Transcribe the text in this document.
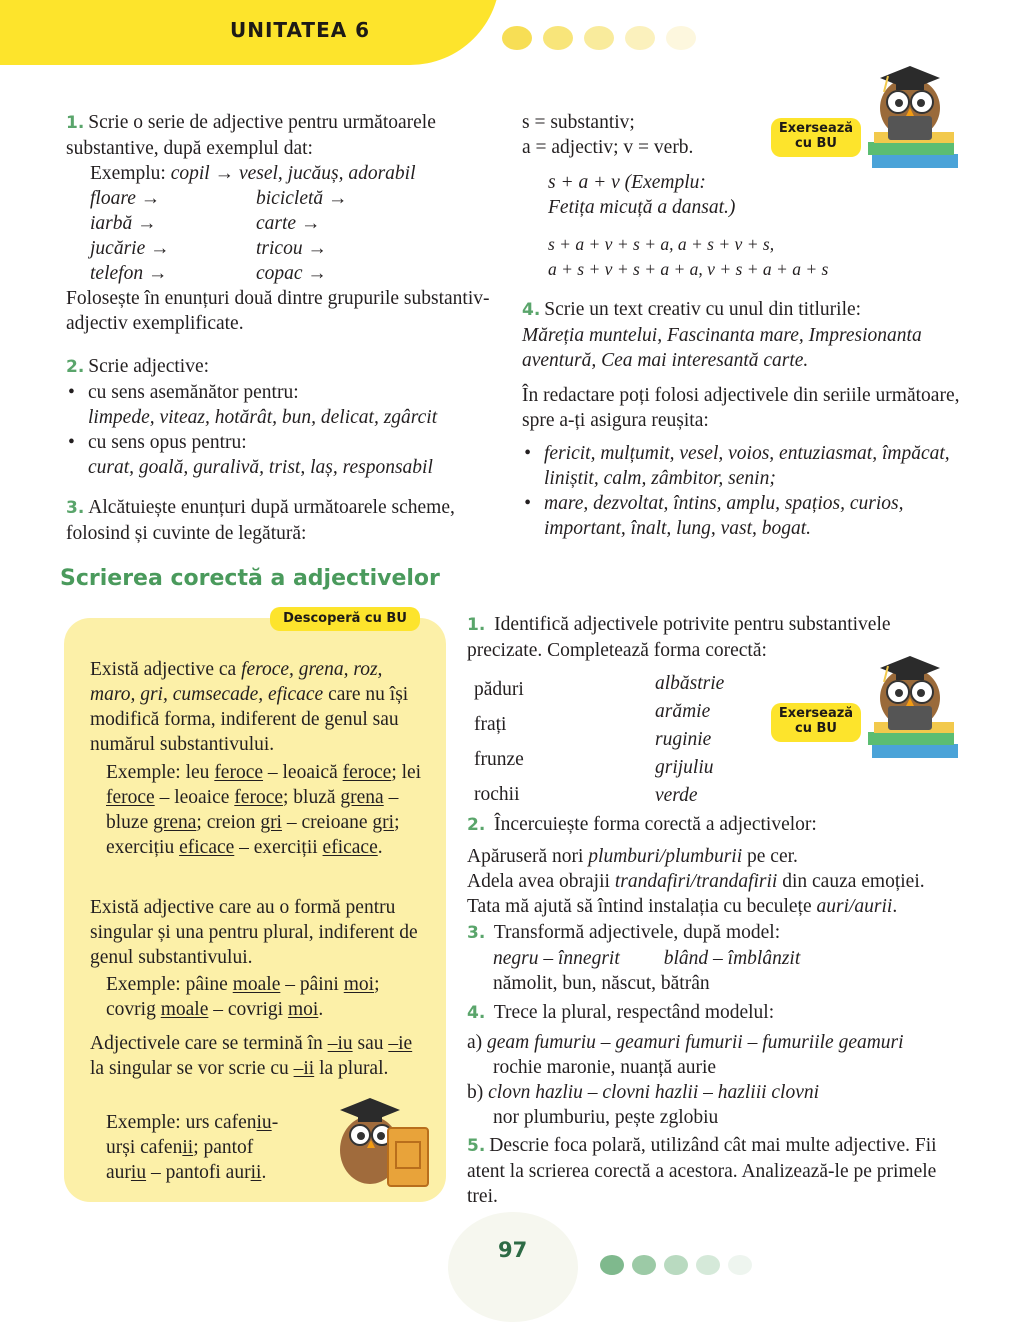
UNITATEA 6
1. Scrie o serie de adjective pentru următoarele substantive, după exemplul dat:
Exemplu: copil → vesel, jucăuș, adorabil
floare →
iarbă →
jucărie →
telefon →
bicicletă →
carte →
tricou →
copac →
Folosește în enunțuri două dintre grupurile substantiv-adjectiv exemplificate.
2. Scrie adjective:
• cu sens asemănător pentru:
limpede, viteaz, hotărât, bun, delicat, zgârcit
• cu sens opus pentru:
curat, goală, guralivă, trist, laș, responsabil
3. Alcătuiește enunțuri după următoarele scheme, folosind și cuvinte de legătură:
s = substantiv;
a = adjectiv; v = verb.
s + a + v (Exemplu:
Fetița micuță a dansat.)
s + a + v + s + a, a + s + v + s,
a + s + v + s + a + a, v + s + a + a + s
Exersează
cu BU
4. Scrie un text creativ cu unul din titlurile:
Măreția muntelui, Fascinanta mare, Impresionanta aventură, Cea mai interesantă carte.
În redactare poți folosi adjectivele din seriile următoare, spre a-ți asigura reușita:
• fericit, mulțumit, vesel, voios, entuziasmat, împăcat, liniștit, calm, zâmbitor, senin;
• mare, dezvoltat, întins, amplu, spațios, curios, important, înalt, lung, vast, bogat.
Scrierea corectă a adjectivelor
Descoperă cu BU
Există adjective ca feroce, grena, roz, maro, gri, cumsecade, eficace care nu își modifică forma, indiferent de genul sau numărul substantivului.
Exemple: leu feroce – leoaică feroce; lei feroce – leoaice feroce; bluză grena – bluze grena; creion gri – creioane gri; exercițiu eficace – exerciții eficace.
Există adjective care au o formă pentru singular și una pentru plural, indiferent de genul substantivului.
Exemple: pâine moale – pâini moi; covrig moale – covrigi moi.
Adjectivele care se termină în –iu sau –ie la singular se vor scrie cu –ii la plural.
Exemple: urs cafeniu-
urși cafenii; pantof
auriu – pantofi aurii.
1. Identifică adjectivele potrivite pentru substantivele precizate. Completează forma corectă:
păduri
frați
frunze
rochii
albăstrie
arămie
ruginie
grijuliu
verde
Exersează
cu BU
2. Încercuiește forma corectă a adjectivelor:
Apăruseră nori plumburi/plumburii pe cer.
Adela avea obrajii trandafiri/trandafirii din cauza emoției.
Tata mă ajută să întind instalația cu beculețe auri/aurii.
3. Transformă adjectivele, după model:
negru – înnegrit blând – îmblânzit
nămolit, bun, născut, bătrân
4. Trece la plural, respectând modelul:
a) geam fumuriu – geamuri fumurii – fumuriile geamuri
rochie maronie, nuanță aurie
b) clovn hazliu – clovni hazlii – hazliii clovni
nor plumburiu, pește zglobiu
5. Descrie foca polară, utilizând cât mai multe adjective. Fii atent la scrierea corectă a acestora. Analizează-le pe primele trei.
97
